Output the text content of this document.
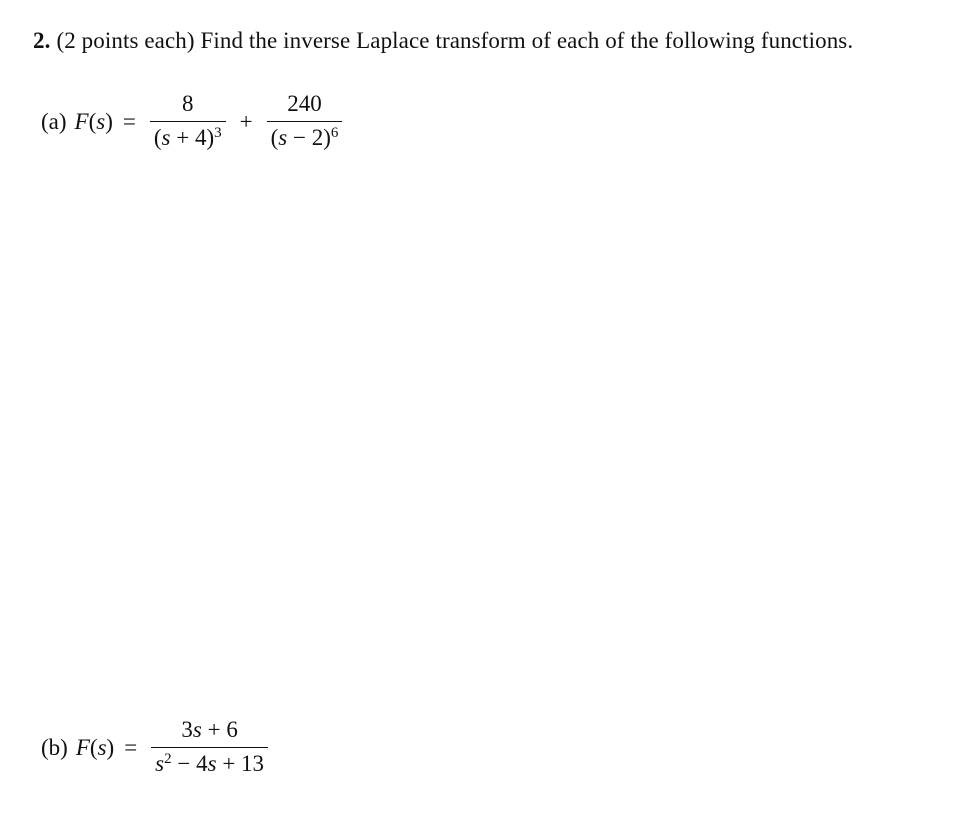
2. (2 points each) Find the inverse Laplace transform of each of the following functions.
(a) $F(s) = \frac{8}{(s + 4)^3} + \frac{240}{(s - 2)^6}$
(b) $F(s) = \frac{3s + 6}{s^2 - 4s + 13}$
